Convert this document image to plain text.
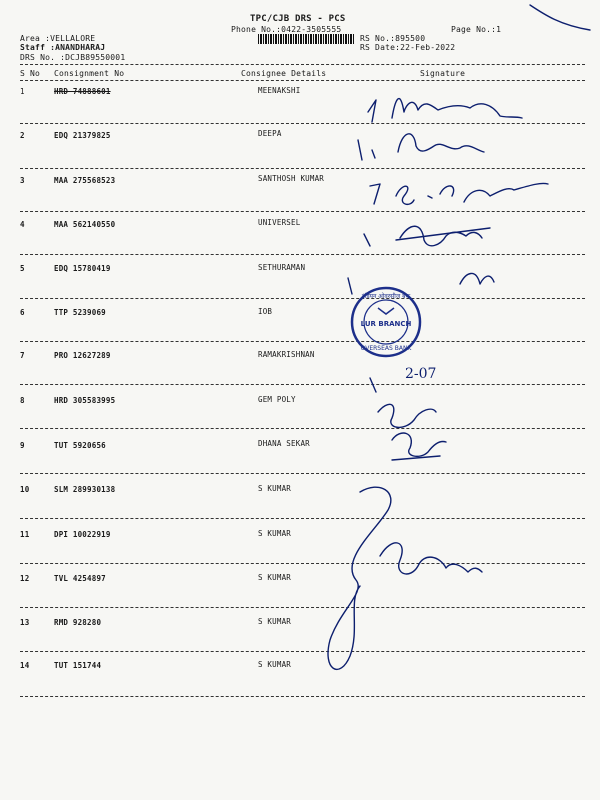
TPC/CJB DRS - PCS
Phone No.:0422-3505555	Page No.:1
Area :VELLALORE
Staff :ANANDHARAJ
DRS No. :DCJB89550001
RS No.:895500
RS Date:22-Feb-2022
S No Consignment No	Consignee Details	Signature
1	HRD 74888601	MEENAKSHI
2	EDQ 21379825	DEEPA
3	MAA 275568523	SANTHOSH KUMAR
4	MAA 562140550	UNIVERSEL
5	EDQ 15780419	SETHURAMAN
6	TTP 5239069	IOB
7	PRO 12627289	RAMAKRISHNAN
8	HRD 305583995	GEM POLY
9	TUT 5920656	DHANA SEKAR
10	SLM 289930138	S KUMAR
11	DPI 10022919	S KUMAR
12	TVL 4254897	S KUMAR
13	RMD 928280	S KUMAR
14	TUT 151744	S KUMAR
2-07
इंडियन ओवरसीज बैंक
LUR BRANCH
OVERSEAS BANK
